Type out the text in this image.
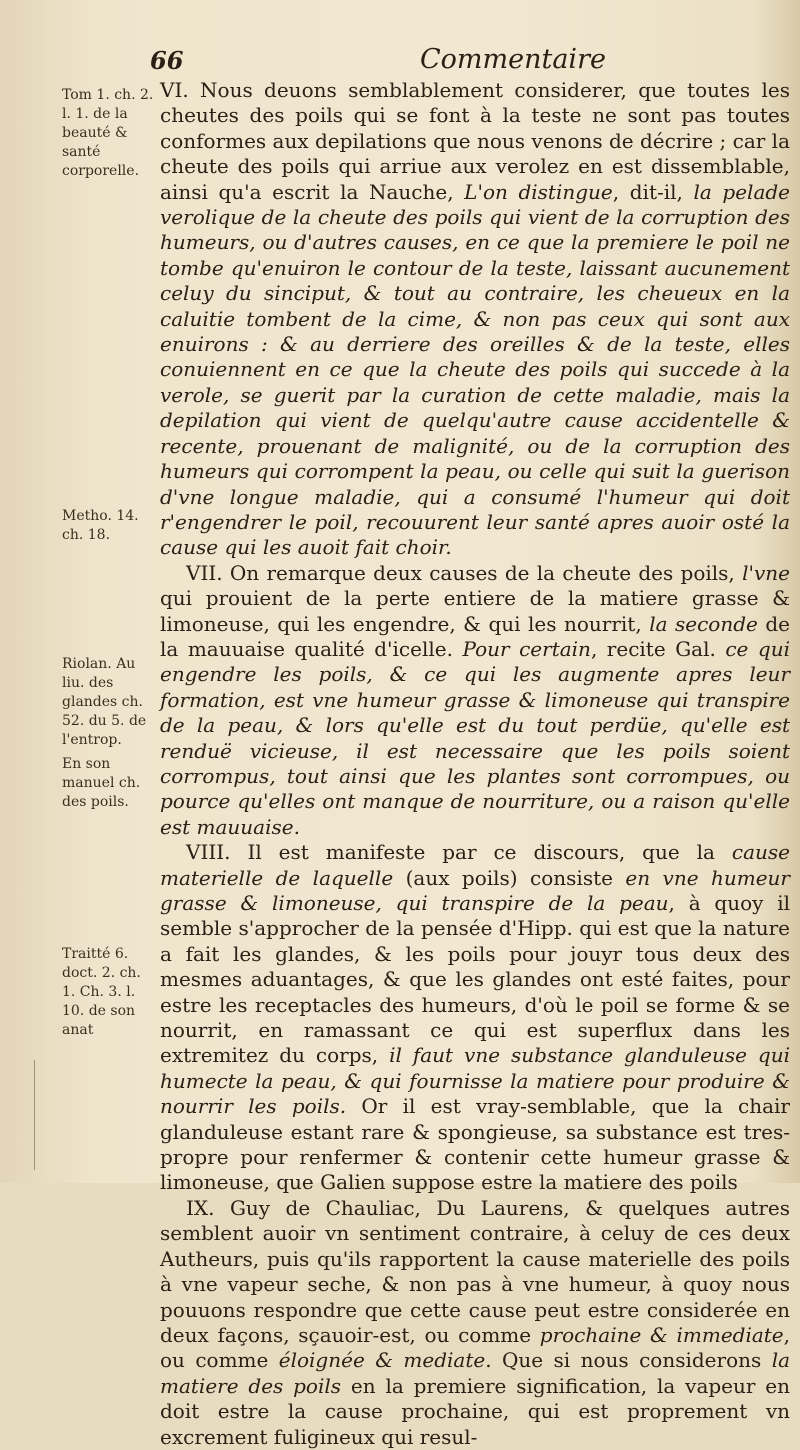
66	Commentaire
Tom 1. ch. 2. l. 1. de la beauté & santé corporelle.
Metho. 14. ch. 18.
Riolan. Au liu. des glandes ch. 52. du 5. de l'entrop.
En son manuel ch. des poils.
Traitté 6. doct. 2. ch. 1. Ch. 3. l. 10. de son anat

VI. Nous deuons semblablement considerer, que toutes les cheutes des poils qui se font à la teste ne sont pas toutes conformes aux depilations que nous venons de décrire ; car la cheute des poils qui arriue aux verolez en est dissemblable, ainsi qu'a escrit la Nauche, L'on distingue, dit-il, la pelade verolique de la cheute des poils qui vient de la corruption des humeurs, ou d'autres causes, en ce que la premiere le poil ne tombe qu'enuiron le contour de la teste, laissant aucunement celuy du sinciput, & tout au contraire, les cheueux en la caluitie tombent de la cime, & non pas ceux qui sont aux enuirons : & au derriere des oreilles & de la teste, elles conuiennent en ce que la cheute des poils qui succede à la verole, se guerit par la curation de cette maladie, mais la depilation qui vient de quelqu'autre cause accidentelle & recente, prouenant de malignité, ou de la corruption des humeurs qui corrompent la peau, ou celle qui suit la guerison d'vne longue maladie, qui a consumé l'humeur qui doit r'engendrer le poil, recouurent leur santé apres auoir osté la cause qui les auoit fait choir.

VII. On remarque deux causes de la cheute des poils, l'vne qui prouient de la perte entiere de la matiere grasse & limoneuse, qui les engendre, & qui les nourrit, la seconde de la mauuaise qualité d'icelle. Pour certain, recite Gal. ce qui engendre les poils, & ce qui les augmente apres leur formation, est vne humeur grasse & limoneuse qui transpire de la peau, & lors qu'elle est du tout perdüe, qu'elle est renduë vicieuse, il est necessaire que les poils soient corrompus, tout ainsi que les plantes sont corrompues, ou pource qu'elles ont manque de nourriture, ou a raison qu'elle est mauuaise.

VIII. Il est manifeste par ce discours, que la cause materielle de laquelle (aux poils) consiste en vne humeur grasse & limoneuse, qui transpire de la peau, à quoy il semble s'approcher de la pensée d'Hipp. qui est que la nature a fait les glandes, & les poils pour jouyr tous deux des mesmes aduantages, & que les glandes ont esté faites, pour estre les receptacles des humeurs, d'où le poil se forme & se nourrit, en ramassant ce qui est superflux dans les extremitez du corps, il faut vne substance glanduleuse qui humecte la peau, & qui fournisse la matiere pour produire & nourrir les poils. Or il est vray-semblable, que la chair glanduleuse estant rare & spongieuse, sa substance est tres-propre pour renfermer & contenir cette humeur grasse & limoneuse, que Galien suppose estre la matiere des poils

IX. Guy de Chauliac, Du Laurens, & quelques autres semblent auoir vn sentiment contraire, à celuy de ces deux Autheurs, puis qu'ils rapportent la cause materielle des poils à vne vapeur seche, & non pas à vne humeur, à quoy nous pouuons respondre que cette cause peut estre considerée en deux façons, sçauoir-est, ou comme prochaine & immediate, ou comme éloignée & mediate. Que si nous considerons la matiere des poils en la premiere signification, la vapeur en doit estre la cause prochaine, qui est proprement vn excrement fuligineux qui resul-
